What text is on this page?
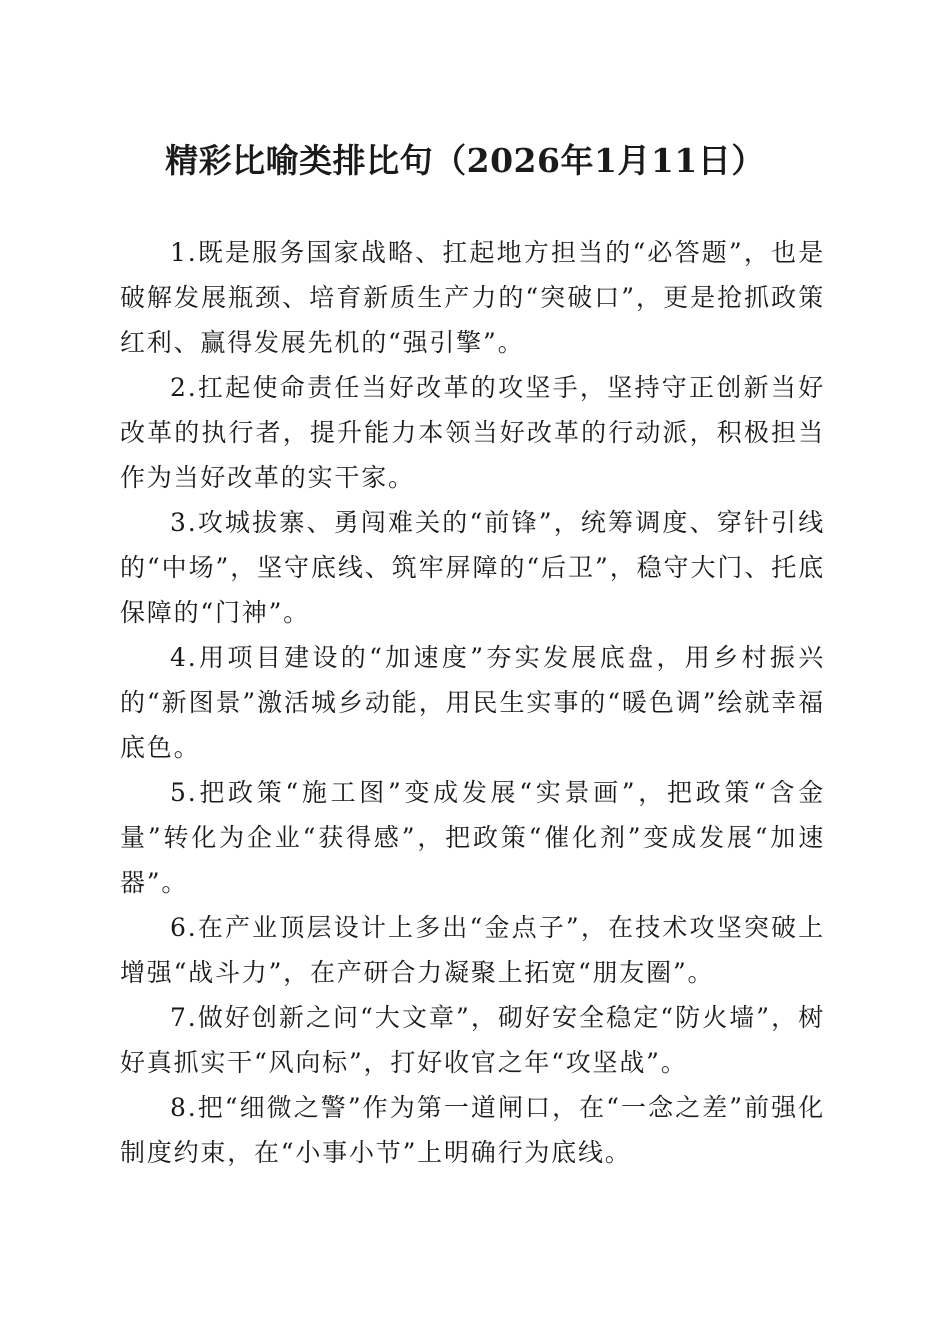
精彩比喻类排比句（2026年1月11日）

1.既是服务国家战略、扛起地方担当的“必答题”，也是破解发展瓶颈、培育新质生产力的“突破口”，更是抢抓政策红利、赢得发展先机的“强引擎”。

2.扛起使命责任当好改革的攻坚手，坚持守正创新当好改革的执行者，提升能力本领当好改革的行动派，积极担当作为当好改革的实干家。

3.攻城拔寨、勇闯难关的“前锋”，统筹调度、穿针引线的“中场”，坚守底线、筑牢屏障的“后卫”，稳守大门、托底保障的“门神”。

4.用项目建设的“加速度”夯实发展底盘，用乡村振兴的“新图景”激活城乡动能，用民生实事的“暖色调”绘就幸福底色。

5.把政策“施工图”变成发展“实景画”，把政策“含金量”转化为企业“获得感”，把政策“催化剂”变成发展“加速器”。

6.在产业顶层设计上多出“金点子”，在技术攻坚突破上增强“战斗力”，在产研合力凝聚上拓宽“朋友圈”。

7.做好创新之问“大文章”，砌好安全稳定“防火墙”，树好真抓实干“风向标”，打好收官之年“攻坚战”。

8.把“细微之警”作为第一道闸口，在“一念之差”前强化制度约束，在“小事小节”上明确行为底线。
